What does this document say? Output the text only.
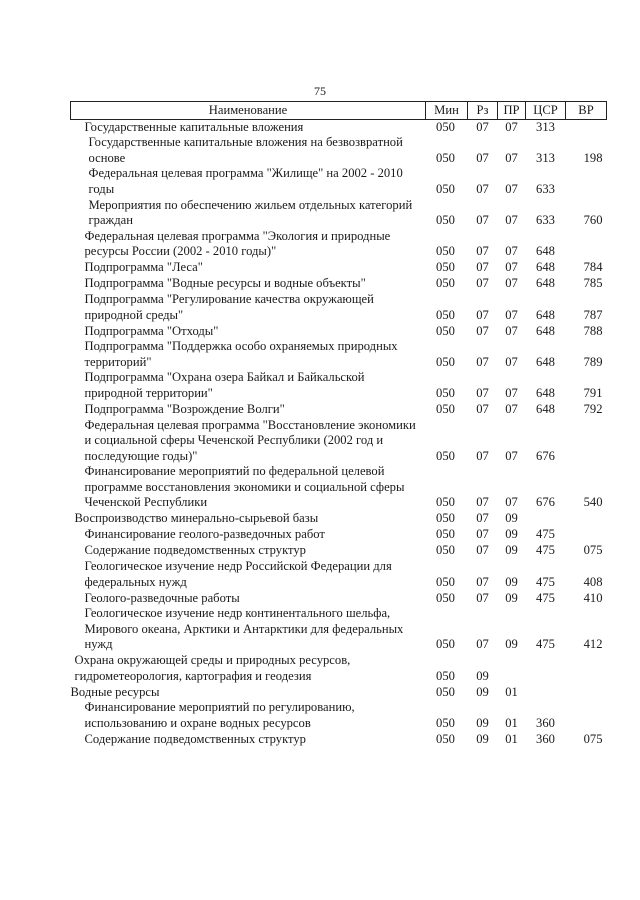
75
Наименование	Мин	Рз	ПР	ЦСР	ВР
Государственные капитальные вложения	050	07	07	313	
Государственные капитальные вложения на безвозвратной основе	050	07	07	313	198
Федеральная целевая программа "Жилище" на 2002 - 2010 годы	050	07	07	633	
Мероприятия по обеспечению жильем отдельных категорий граждан	050	07	07	633	760
Федеральная целевая программа "Экология и природные ресурсы России (2002 - 2010 годы)"	050	07	07	648	
Подпрограмма "Леса"	050	07	07	648	784
Подпрограмма "Водные ресурсы и водные объекты"	050	07	07	648	785
Подпрограмма "Регулирование качества окружающей природной среды"	050	07	07	648	787
Подпрограмма "Отходы"	050	07	07	648	788
Подпрограмма "Поддержка особо охраняемых природных территорий"	050	07	07	648	789
Подпрограмма "Охрана озера Байкал и Байкальской природной территории"	050	07	07	648	791
Подпрограмма "Возрождение Волги"	050	07	07	648	792
Федеральная целевая программа "Восстановление экономики и социальной сферы Чеченской Республики (2002 год и последующие годы)"	050	07	07	676	
Финансирование мероприятий по федеральной целевой программе восстановления экономики и социальной сферы Чеченской Республики	050	07	07	676	540
Воспроизводство минерально-сырьевой базы	050	07	09		
Финансирование геолого-разведочных работ	050	07	09	475	
Содержание подведомственных структур	050	07	09	475	075
Геологическое изучение недр Российской Федерации для федеральных нужд	050	07	09	475	408
Геолого-разведочные работы	050	07	09	475	410
Геологическое изучение недр континентального шельфа, Мирового океана, Арктики и Антарктики для федеральных нужд	050	07	09	475	412
Охрана окружающей среды и природных ресурсов, гидрометеорология, картография и геодезия	050	09			
Водные ресурсы	050	09	01		
Финансирование мероприятий по регулированию, использованию и охране водных ресурсов	050	09	01	360	
Содержание подведомственных структур	050	09	01	360	075
